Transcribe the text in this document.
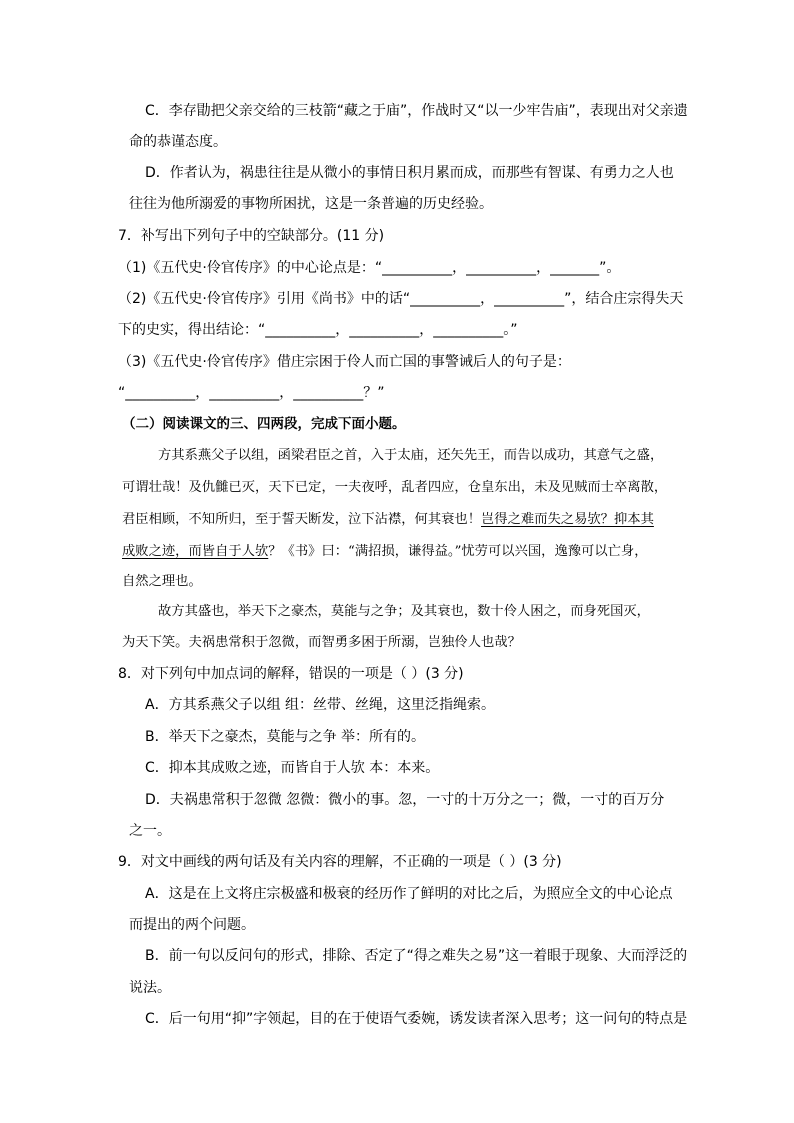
C．李存勖把父亲交给的三枝箭“藏之于庙”，作战时又“以一少牢告庙”，表现出对父亲遗
命的恭谨态度。
D．作者认为，祸患往往是从微小的事情日积月累而成，而那些有智谋、有勇力之人也
往往为他所溺爱的事物所困扰，这是一条普遍的历史经验。
7．补写出下列句子中的空缺部分。(11 分)
（1)《五代史·伶官传序》的中心论点是：“__________，__________，_______”。
（2)《五代史·伶官传序》引用《尚书》中的话“__________，__________”，结合庄宗得失天
下的史实，得出结论：“__________，__________，__________。”
（3)《五代史·伶官传序》借庄宗困于伶人而亡国的事警诫后人的句子是：
“__________，__________，__________？”
（二）阅读课文的三、四两段，完成下面小题。
方其系燕父子以组，函梁君臣之首，入于太庙，还矢先王，而告以成功，其意气之盛，
可谓壮哉！及仇雠已灭，天下已定，一夫夜呼，乱者四应，仓皇东出，未及见贼而士卒离散，
君臣相顾，不知所归，至于誓天断发，泣下沾襟，何其衰也！岂得之难而失之易欤？抑本其
成败之迹，而皆自于人欤？《书》曰：“满招损，谦得益。”忧劳可以兴国，逸豫可以亡身，
自然之理也。
故方其盛也，举天下之豪杰，莫能与之争；及其衰也，数十伶人困之，而身死国灭，
为天下笑。夫祸患常积于忽微，而智勇多困于所溺，岂独伶人也哉？
8．对下列句中加点词的解释，错误的一项是（ ）(3 分)
A．方其系燕父子以组 组：丝带、丝绳，这里泛指绳索。
B．举天下之豪杰，莫能与之争 举：所有的。
C．抑本其成败之迹，而皆自于人欤 本：本来。
D．夫祸患常积于忽微 忽微：微小的事。忽，一寸的十万分之一；微，一寸的百万分
之一。
9．对文中画线的两句话及有关内容的理解，不正确的一项是（ ）(3 分)
A．这是在上文将庄宗极盛和极衰的经历作了鲜明的对比之后，为照应全文的中心论点
而提出的两个问题。
B．前一句以反问句的形式，排除、否定了“得之难失之易”这一着眼于现象、大而浮泛的
说法。
C．后一句用“抑”字领起，目的在于使语气委婉，诱发读者深入思考；这一问句的特点是
